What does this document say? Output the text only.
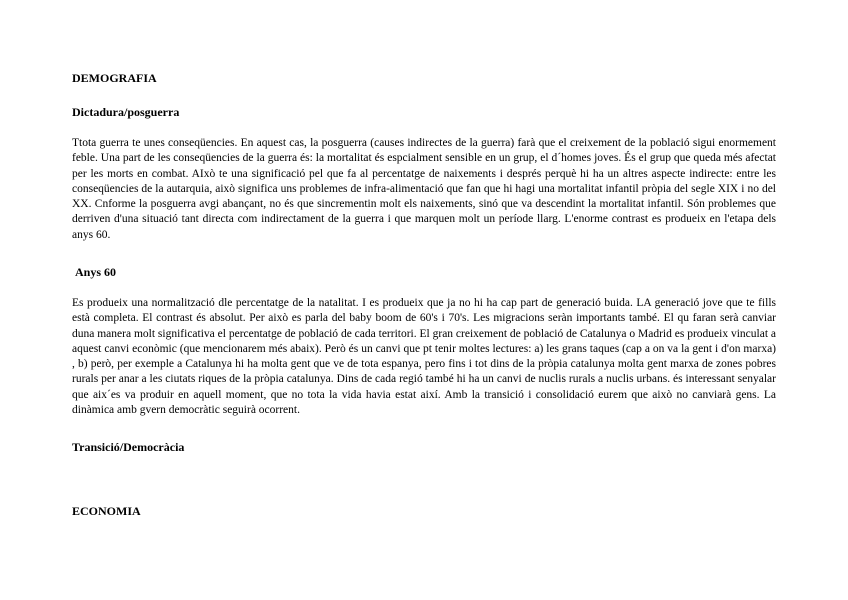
DEMOGRAFIA
Dictadura/posguerra

Ttota guerra te unes conseqüencies. En aquest cas, la posguerra (causes indirectes de la guerra) farà que el creixement de la població sigui enormement feble. Una part de les conseqüencies de la guerra és: la mortalitat és espcialment sensible en un grup, el d´homes joves. És el grup que queda més afectat per les morts en combat. AIxò te una significació pel que fa al percentatge de naixements i després perquè hi ha un altres aspecte indirecte: entre les conseqüencies de la autarquia, això significa uns problemes de infra-alimentació que fan que hi hagi una mortalitat infantil pròpia del segle XIX i no del XX. Cnforme la posguerra avgi abançant, no és que sincrementin molt els naixements, sinó que va descendint la mortalitat infantil. Són problemes que derriven d'una situació tant directa com indirectament de la guerra i que marquen molt un període llarg. L'enorme contrast es produeix en l'etapa dels anys 60.

Anys 60

Es produeix una normalització dle percentatge de la natalitat. I es produeix que ja no hi ha cap part de generació buida. LA generació jove que te fills està completa. El contrast és absolut. Per això es parla del baby boom de 60's i 70's. Les migracions seràn importants també. El qu faran serà canviar duna manera molt significativa el percentatge de població de cada territori. El gran creixement de població de Catalunya o Madrid es produeix vinculat a aquest canvi econòmic (que mencionarem més abaix). Però és un canvi que pt tenir moltes lectures: a) les grans taques (cap a on va la gent i d'on marxa) , b) però, per exemple a Catalunya hi ha molta gent que ve de tota espanya, pero fins i tot dins de la pròpia catalunya molta gent marxa de zones pobres rurals per anar a les ciutats riques de la pròpia catalunya. Dins de cada regió també hi ha un canvi de nuclis rurals a nuclis urbans. és interessant senyalar que aix´es va produir en aquell moment, que no tota la vida havia estat així. Amb la transició i consolidació eurem que això no canviarà gens. La dinàmica amb gvern democràtic seguirà ocorrent.

Transició/Democràcia
ECONOMIA
